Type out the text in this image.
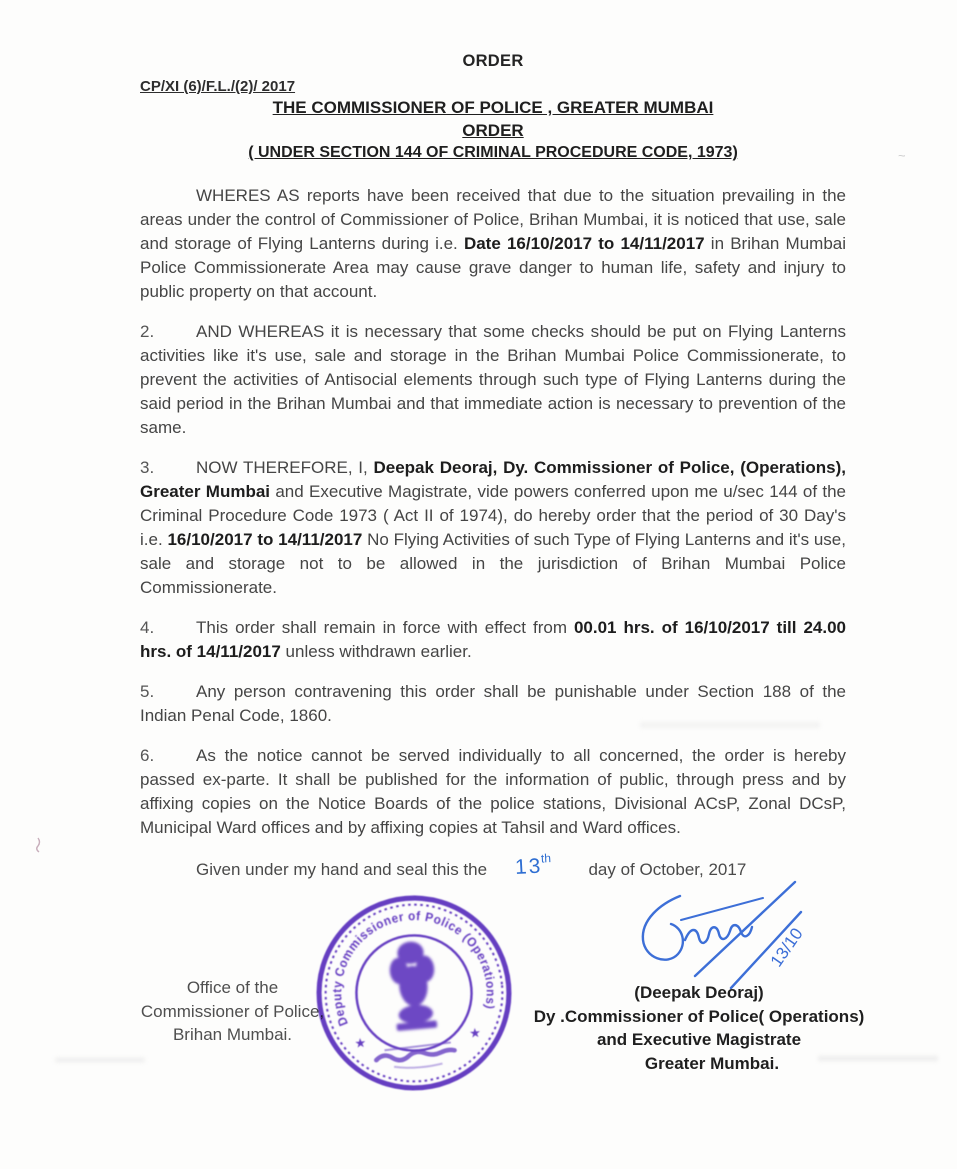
ORDER
CP/XI (6)/F.L./(2)/ 2017
THE COMMISSIONER OF POLICE , GREATER MUMBAI
ORDER
( UNDER SECTION 144 OF CRIMINAL PROCEDURE CODE, 1973)

WHERES AS reports have been received that due to the situation prevailing in the areas under the control of Commissioner of Police, Brihan Mumbai, it is noticed that use, sale and storage of Flying Lanterns during i.e. Date 16/10/2017 to 14/11/2017 in Brihan Mumbai Police Commissionerate Area may cause grave danger to human life, safety and injury to public property on that account.

2. AND WHEREAS it is necessary that some checks should be put on Flying Lanterns activities like it's use, sale and storage in the Brihan Mumbai Police Commissionerate, to prevent the activities of Antisocial elements through such type of Flying Lanterns during the said period in the Brihan Mumbai and that immediate action is necessary to prevention of the same.

3. NOW THEREFORE, I, Deepak Deoraj, Dy. Commissioner of Police, (Operations), Greater Mumbai and Executive Magistrate, vide powers conferred upon me u/sec 144 of the Criminal Procedure Code 1973 ( Act II of 1974), do hereby order that the period of 30 Day's i.e. 16/10/2017 to 14/11/2017 No Flying Activities of such Type of Flying Lanterns and it's use, sale and storage not to be allowed in the jurisdiction of Brihan Mumbai Police Commissionerate.

4. This order shall remain in force with effect from 00.01 hrs. of 16/10/2017 till 24.00 hrs. of 14/11/2017 unless withdrawn earlier.

5. Any person contravening this order shall be punishable under Section 188 of the Indian Penal Code, 1860.

6. As the notice cannot be served individually to all concerned, the order is hereby passed ex-parte. It shall be published for the information of public, through press and by affixing copies on the Notice Boards of the police stations, Divisional ACsP, Zonal DCsP, Municipal Ward offices and by affixing copies at Tahsil and Ward offices.

Given under my hand and seal this the 13thday of October, 2017
Office of the
Commissioner of Police,
Brihan Mumbai.
Deputy Commissioner of Police (Operations)
★
★
13/10
(Deepak Deoraj)
Dy .Commissioner of Police( Operations)
and Executive Magistrate
Greater Mumbai.
~
